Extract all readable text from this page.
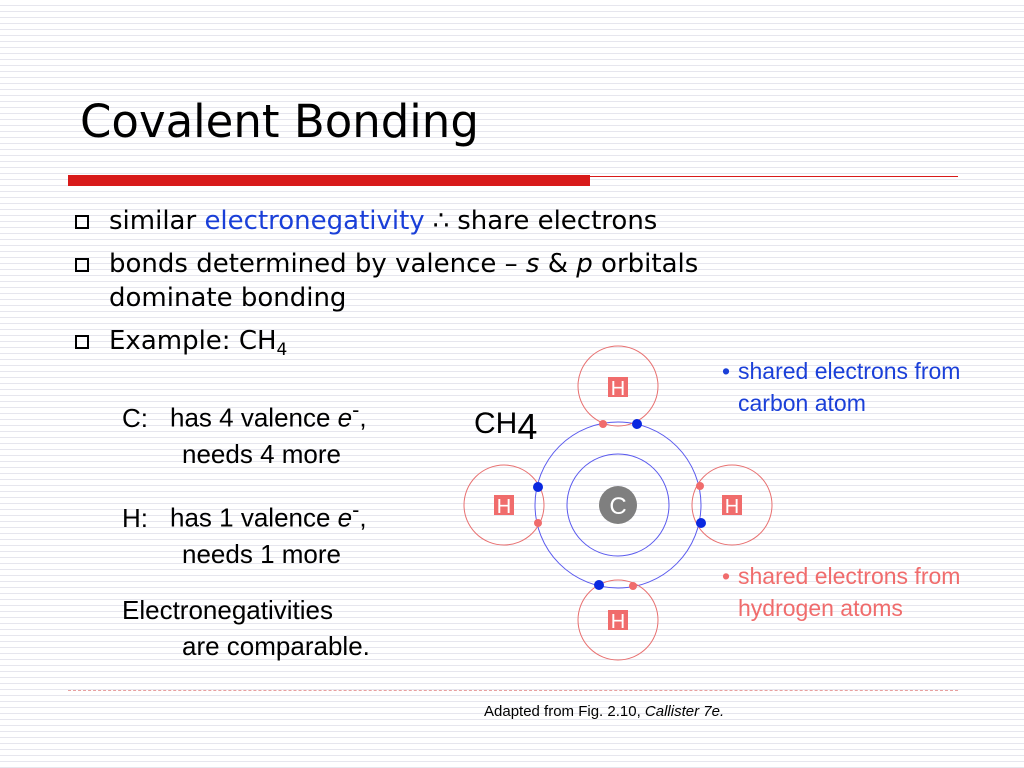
Covalent Bonding
similar electronegativity ∴ share electrons
bonds determined by valence – s & p orbitals dominate bonding
Example: $CH_4$
C: has 4 valence e-,
needs 4 more
H: has 1 valence e-,
needs 1 more
Electronegativities
are comparable.
CH4
C
H
H
H	H
• shared electrons from carbon atom
• shared electrons from hydrogen atoms
Adapted from Fig. 2.10, Callister 7e.
